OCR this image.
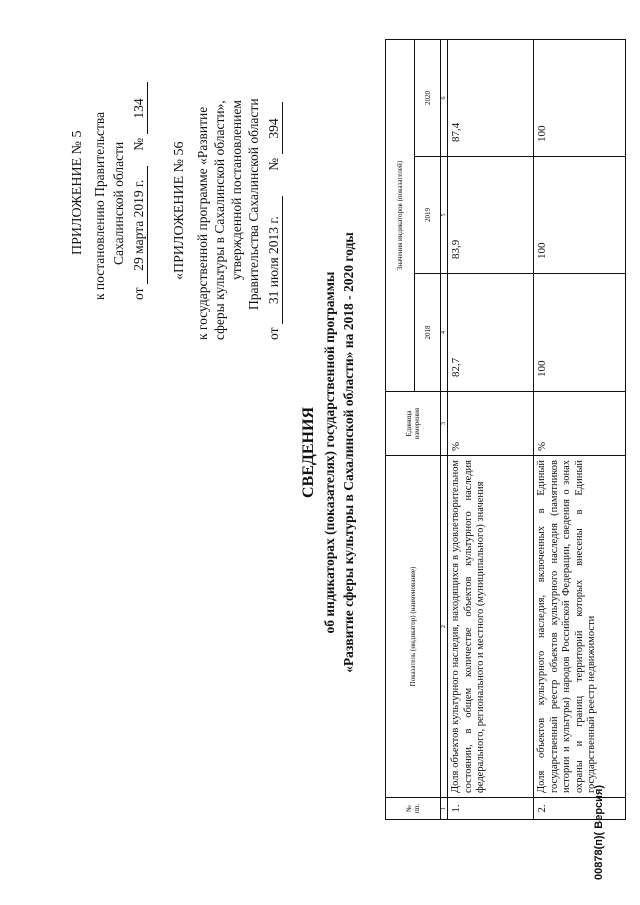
ПРИЛОЖЕНИЕ № 5 к постановлению Правительства Сахалинской области
от 29 марта 2019 г. № 134
«ПРИЛОЖЕНИЕ № 56 к государственной программе «Развитие сферы культуры в Сахалинской области», утвержденной постановлением Правительства Сахалинской области
от 31 июля 2013 г. № 394
СВЕДЕНИЯ об индикаторах (показателях) государственной программы «Развитие сферы культуры в Сахалинской области» на 2018 - 2020 годы
№ пп.	Показатель (индикатор) (наименование)	Единица измерения	Значения индикаторов (показателей)		
			2018	2019	2020
1	2	3	4	5	6
1.	Доля объектов культурного наследия, находящихся в удовлетворительном состоянии, в общем количестве объектов культурного наследия федерального, регионального и местного (муниципального) значения	%	82,7	83,9	87,4
2.	Доля объектов культурного наследия, включенных в Единый государственный реестр объектов культурного наследия (памятников истории и культуры) народов Российской Федерации, сведения о зонах охраны и границ территорий которых внесены в Единый государственный реестр недвижимости	%	100	100	100
00878(п)( Версия)
